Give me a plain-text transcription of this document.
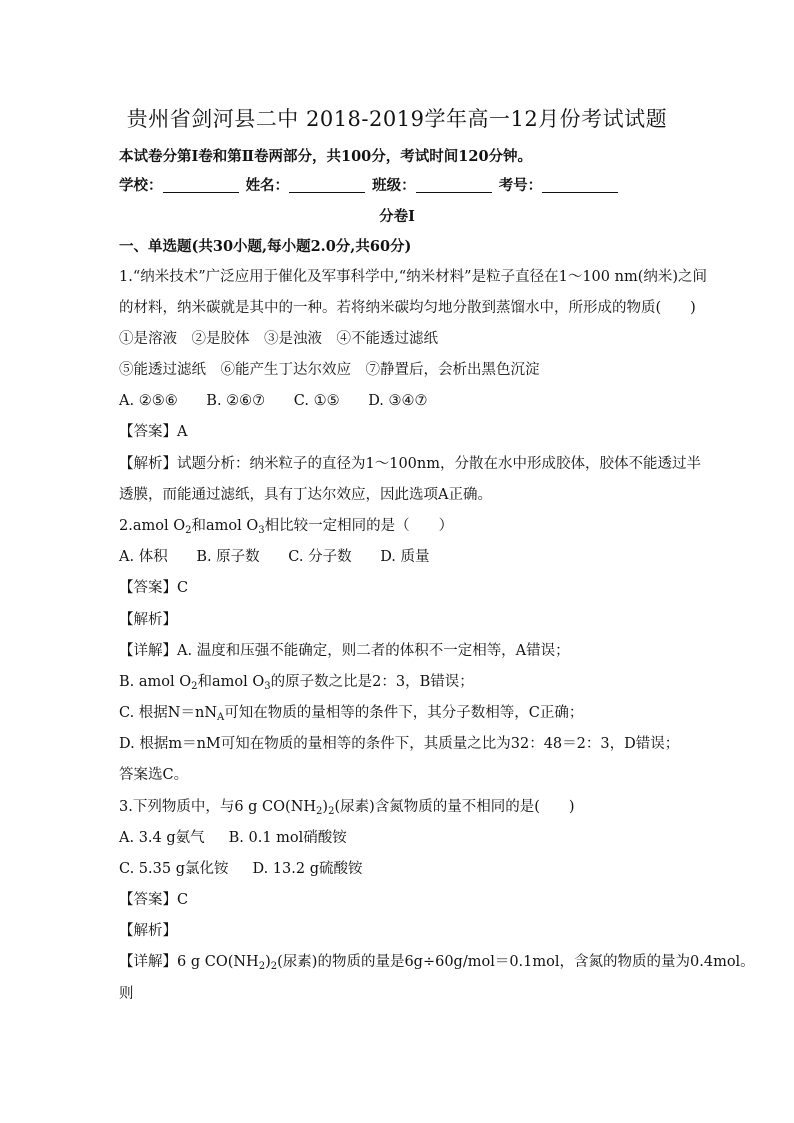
贵州省剑河县二中 2018-2019学年高一12月份考试试题
本试卷分第Ⅰ卷和第Ⅱ卷两部分，共100分，考试时间120分钟。
学校：	姓名：	班级：	考号：
分卷I
一、单选题(共30小题,每小题2.0分,共60分)
1.“纳米技术”广泛应用于催化及军事科学中,“纳米材料”是粒子直径在1～100 nm(纳米)之间
的材料，纳米碳就是其中的一种。若将纳米碳均匀地分散到蒸馏水中，所形成的物质(　　)
①是溶液　②是胶体　③是浊液　④不能透过滤纸
⑤能透过滤纸　⑥能产生丁达尔效应　⑦静置后，会析出黑色沉淀
A. ②⑤⑥ B. ②⑥⑦ C. ①⑤ D. ③④⑦
【答案】A
【解析】试题分析：纳米粒子的直径为1～100nm，分散在水中形成胶体，胶体不能透过半
透膜，而能通过滤纸，具有丁达尔效应，因此选项A正确。
2.amol $O_2$和amol $O_3$相比较一定相同的是（　　）
A. 体积 B. 原子数 C. 分子数 D. 质量
【答案】C
【解析】
【详解】A. 温度和压强不能确定，则二者的体积不一定相等，A错误；
B. amol $O_2$和amol $O_3$的原子数之比是2：3，B错误；
C. 根据$N=nN_A$可知在物质的量相等的条件下，其分子数相等，C正确；
D. 根据m＝nM可知在物质的量相等的条件下，其质量之比为32：48＝2：3，D错误；
答案选C。
3.下列物质中，与6 g $CO(NH_2)_2$(尿素)含氮物质的量不相同的是(　　)
A. 3.4 g氨气 B. 0.1 mol硝酸铵
C. 5.35 g氯化铵 D. 13.2 g硫酸铵
【答案】C
【解析】
【详解】6 g $CO(NH_2)_2$(尿素)的物质的量是6g÷60g/mol＝0.1mol，含氮的物质的量为0.4mol。
则
